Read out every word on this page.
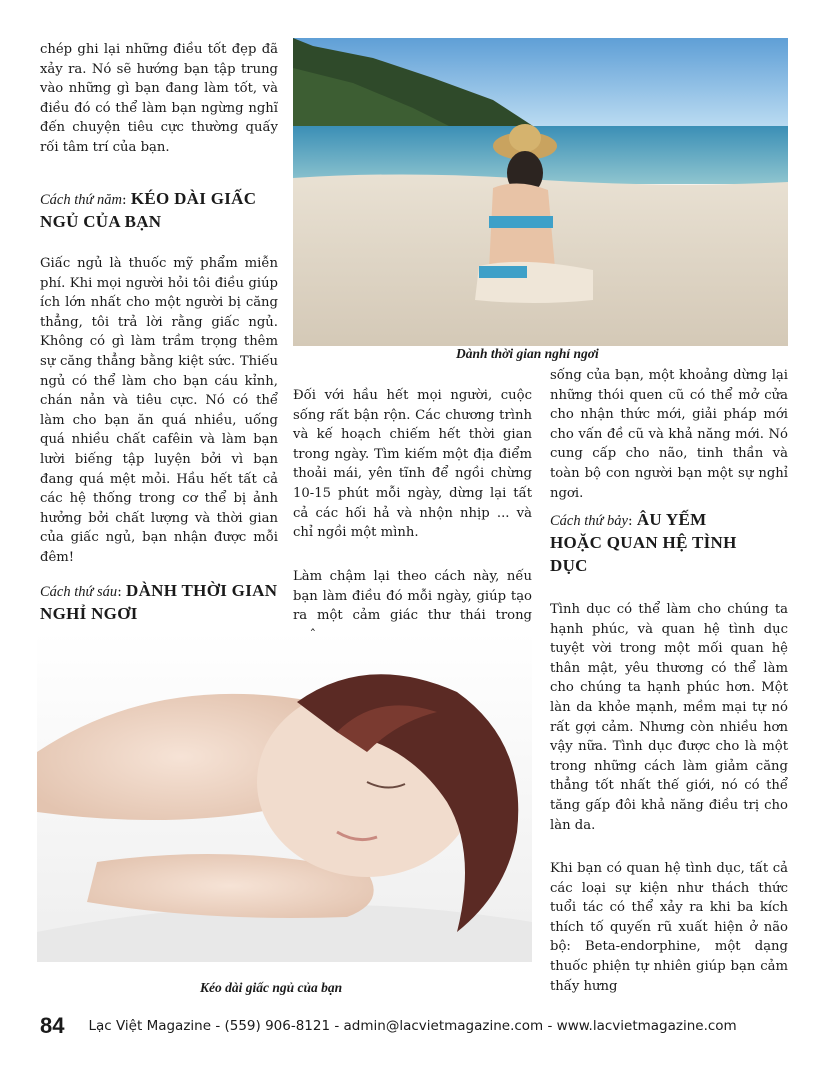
chép ghi lại những điều tốt đẹp đã xảy ra. Nó sẽ hướng bạn tập trung vào những gì bạn đang làm tốt, và điều đó có thể làm bạn ngừng nghĩ đến chuyện tiêu cực thường quấy rối tâm trí của bạn.
Cách thứ năm: KÉO DÀI GIẤC NGỦ CỦA BẠN
Giấc ngủ là thuốc mỹ phẩm miễn phí. Khi mọi người hỏi tôi điều giúp ích lớn nhất cho một người bị căng thẳng, tôi trả lời rằng giấc ngủ. Không có gì làm trầm trọng thêm sự căng thẳng bằng kiệt sức. Thiếu ngủ có thể làm cho bạn cáu kỉnh, chán nản và tiêu cực. Nó có thể làm cho bạn ăn quá nhiều, uống quá nhiều chất cafêin và làm bạn lười biếng tập luyện bởi vì bạn đang quá mệt mỏi. Hầu hết tất cả các hệ thống trong cơ thể bị ảnh hưởng bởi chất lượng và thời gian của giấc ngủ, bạn nhận được mỗi đêm!
Cách thứ sáu: DÀNH THỜI GIAN NGHỈ NGƠI
Dành thời gian nghỉ ngơi
Đối với hầu hết mọi người, cuộc sống rất bận rộn. Các chương trình và kế hoạch chiếm hết thời gian trong ngày. Tìm kiếm một địa điểm thoải mái, yên tĩnh để ngồi chừng 10-15 phút mỗi ngày, dừng lại tất cả các hối hả và nhộn nhịp ... và chỉ ngồi một mình.
Làm chậm lại theo cách này, nếu bạn làm điều đó mỗi ngày, giúp tạo ra một cảm giác thư thái trong
sống của bạn, một khoảng dừng lại những thói quen cũ có thể mở cửa cho nhận thức mới, giải pháp mới cho vấn đề cũ và khả năng mới. Nó cung cấp cho não, tinh thần và toàn bộ con người bạn một sự nghỉ ngơi.
Cách thứ bảy: ÂU YẾM HOẶC QUAN HỆ TÌNH DỤC
Tình dục có thể làm cho chúng ta hạnh phúc, và quan hệ tình dục tuyệt vời trong một mối quan hệ thân mật, yêu thương có thể làm cho chúng ta hạnh phúc hơn. Một làn da khỏe mạnh, mềm mại tự nó rất gợi cảm. Nhưng còn nhiều hơn vậy nữa. Tình dục được cho là một trong những cách làm giảm căng thẳng tốt nhất thế giới, nó có thể tăng gấp đôi khả năng điều trị cho làn da.
Khi bạn có quan hệ tình dục, tất cả các loại sự kiện như thách thức tuổi tác có thể xảy ra khi ba kích thích tố quyến rũ xuất hiện ở não bộ: Beta-endorphine, một dạng thuốc phiện tự nhiên giúp bạn cảm thấy hưng
Kéo dài giấc ngủ của bạn
84 Lạc Việt Magazine - (559) 906-8121 - admin@lacvietmagazine.com - www.lacvietmagazine.com
